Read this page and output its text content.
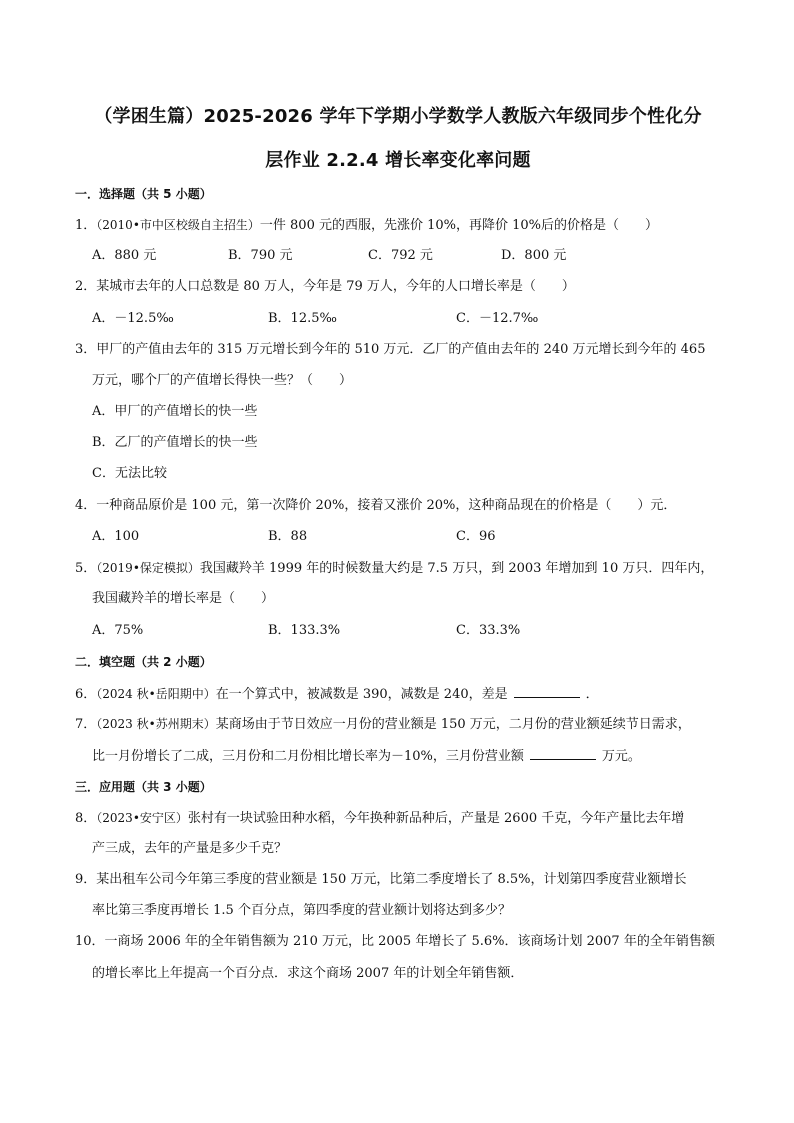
（学困生篇）2025-2026 学年下学期小学数学人教版六年级同步个性化分
层作业 2.2.4 增长率变化率问题
一．选择题（共 5 小题）
1．（2010•市中区校级自主招生）一件 800 元的西服，先涨价 10%，再降价 10%后的价格是（ ）
A．880 元	B．790 元	C．792 元	D．800 元
2．某城市去年的人口总数是 80 万人，今年是 79 万人，今年的人口增长率是（ ）
A．－12.5‰	B．12.5‰	C．－12.7‰
3．甲厂的产值由去年的 315 万元增长到今年的 510 万元．乙厂的产值由去年的 240 万元增长到今年的 465
万元，哪个厂的产值增长得快一些？（ ）
A．甲厂的产值增长的快一些
B．乙厂的产值增长的快一些
C．无法比较
4．一种商品原价是 100 元，第一次降价 20%，接着又涨价 20%，这种商品现在的价格是（ ）元．
A．100	B．88	C．96
5．（2019•保定模拟）我国藏羚羊 1999 年的时候数量大约是 7.5 万只，到 2003 年增加到 10 万只．四年内，
我国藏羚羊的增长率是（ ）
A．75%	B．133.3%	C．33.3%
二．填空题（共 2 小题）
6．（2024 秋•岳阳期中）在一个算式中，被减数是 390，减数是 240，差是	．
7．（2023 秋•苏州期末）某商场由于节日效应一月份的营业额是 150 万元，二月份的营业额延续节日需求，
比一月份增长了二成，三月份和二月份相比增长率为－10%，三月份营业额	万元。
三．应用题（共 3 小题）
8．（2023•安宁区）张村有一块试验田种水稻，今年换种新品种后，产量是 2600 千克，今年产量比去年增
产三成，去年的产量是多少千克？
9．某出租车公司今年第三季度的营业额是 150 万元，比第二季度增长了 8.5%，计划第四季度营业额增长
率比第三季度再增长 1.5 个百分点，第四季度的营业额计划将达到多少？
10．一商场 2006 年的全年销售额为 210 万元，比 2005 年增长了 5.6%．该商场计划 2007 年的全年销售额
的增长率比上年提高一个百分点．求这个商场 2007 年的计划全年销售额．
